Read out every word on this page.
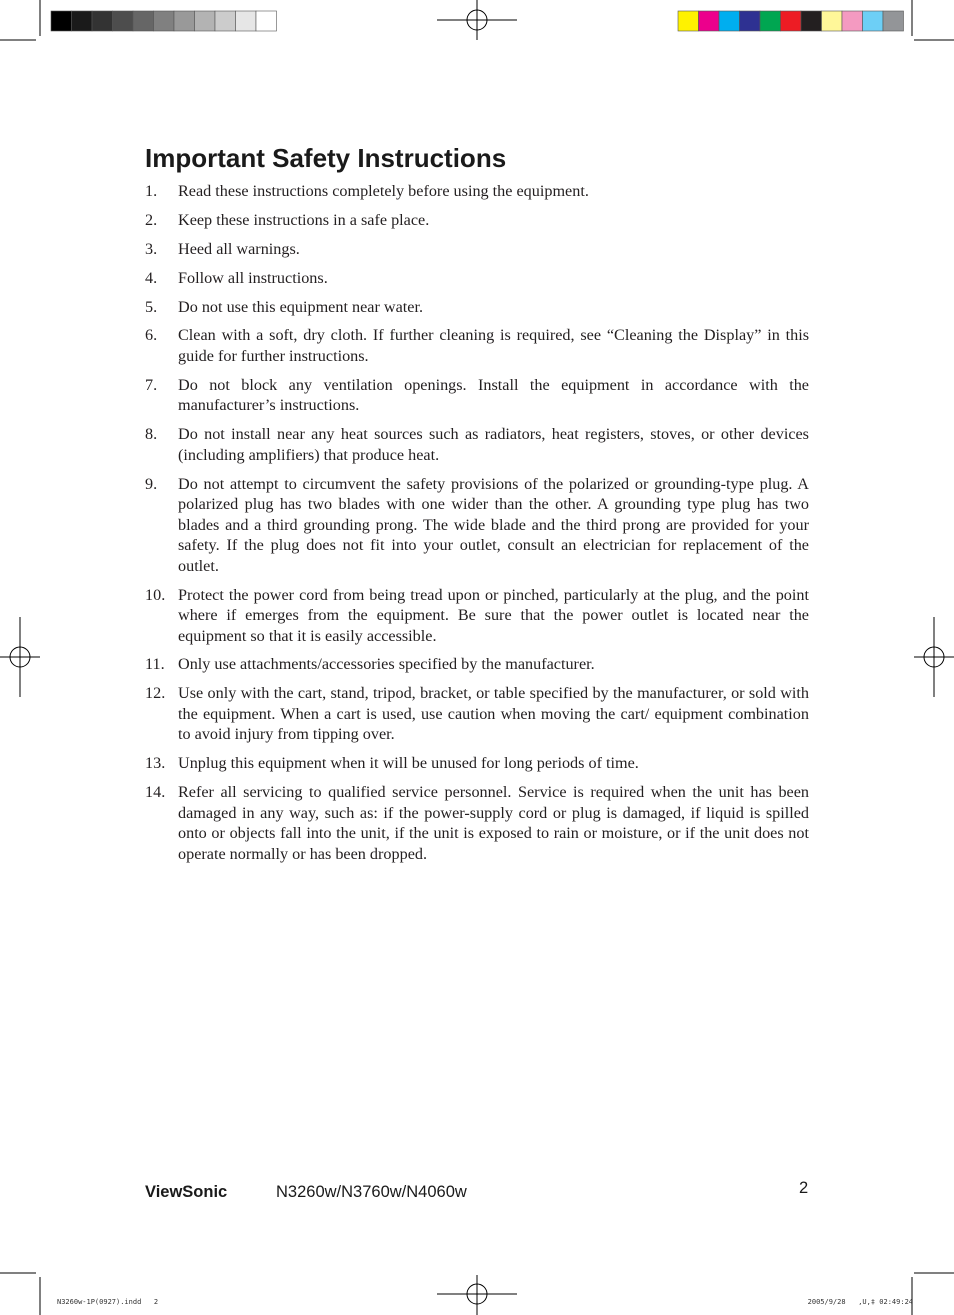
Important Safety Instructions
1.	Read these instructions completely before using the equipment.
2.	Keep these instructions in a safe place.
3.	Heed all warnings.
4.	Follow all instructions.
5.	Do not use this equipment near water.
6.	Clean with a soft, dry cloth. If further cleaning is required, see “Cleaning the Display” in this guide for further instructions.
7.	Do not block any ventilation openings. Install the equipment in accordance with the manufacturer’s instructions.
8.	Do not install near any heat sources such as radiators, heat registers, stoves, or other devices (including amplifiers) that produce heat.
9.	Do not attempt to circumvent the safety provisions of the polarized or grounding-type plug. A polarized plug has two blades with one wider than the other. A grounding type plug has two blades and a third grounding prong. The wide blade and the third prong are provided for your safety. If the plug does not fit into your outlet, consult an electrician for replacement of the outlet.
10. Protect the power cord from being tread upon or pinched, particularly at the plug, and the point where if emerges from the equipment. Be sure that the power outlet is located near the equipment so that it is easily accessible.
11. Only use attachments/accessories specified by the manufacturer.
12. Use only with the cart, stand, tripod, bracket, or table specified by the manufacturer, or sold with the equipment. When a cart is used, use caution when moving the cart/ equipment combination to avoid injury from tipping over.
13. Unplug this equipment when it will be unused for long periods of time.
14. Refer all servicing to qualified service personnel. Service is required when the unit has been damaged in any way, such as: if the power-supply cord or plug is damaged, if liquid is spilled onto or objects fall into the unit, if the unit is exposed to rain or moisture, or if the unit does not operate normally or has been dropped.
ViewSonic	N3260w/N3760w/N4060w	2
N3260w-1P(0927).indd   2	2005/9/28   ,U,‡ 02:49:24
